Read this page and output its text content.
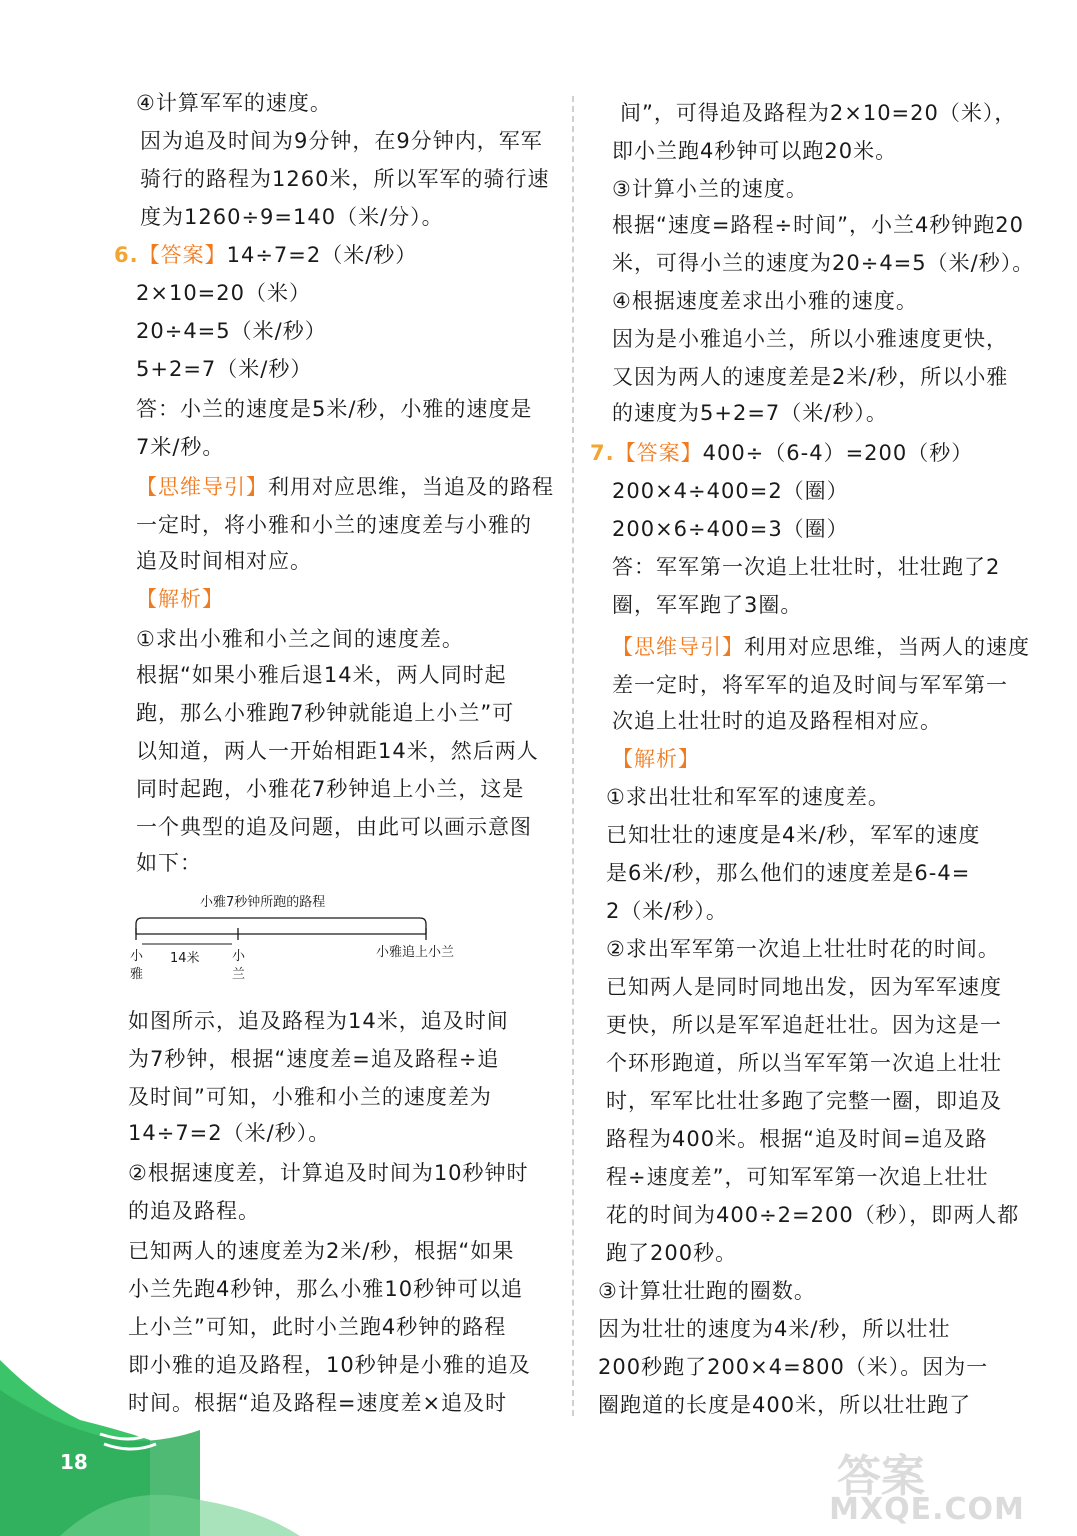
④计算军军的速度。
因为追及时间为9分钟，在9分钟内，军军
骑行的路程为1260米，所以军军的骑行速
度为1260÷9=140（米/分）。
6.【答案】14÷7=2（米/秒）
2×10=20（米）
20÷4=5（米/秒）
5+2=7（米/秒）
答：小兰的速度是5米/秒，小雅的速度是
7米/秒。
【思维导引】利用对应思维，当追及的路程
一定时，将小雅和小兰的速度差与小雅的
追及时间相对应。
【解析】
①求出小雅和小兰之间的速度差。
根据“如果小雅后退14米，两人同时起
跑，那么小雅跑7秒钟就能追上小兰”可
以知道，两人一开始相距14米，然后两人
同时起跑，小雅花7秒钟追上小兰，这是
一个典型的追及问题，由此可以画示意图
如下：
如图所示，追及路程为14米，追及时间
为7秒钟，根据“速度差=追及路程÷追
及时间”可知，小雅和小兰的速度差为
14÷7=2（米/秒）。
②根据速度差，计算追及时间为10秒钟时
的追及路程。
已知两人的速度差为2米/秒，根据“如果
小兰先跑4秒钟，那么小雅10秒钟可以追
上小兰”可知，此时小兰跑4秒钟的路程
即小雅的追及路程，10秒钟是小雅的追及
时间。根据“追及路程=速度差×追及时
间”，可得追及路程为2×10=20（米），
即小兰跑4秒钟可以跑20米。
③计算小兰的速度。
根据“速度=路程÷时间”，小兰4秒钟跑20
米，可得小兰的速度为20÷4=5（米/秒）。
④根据速度差求出小雅的速度。
因为是小雅追小兰，所以小雅速度更快，
又因为两人的速度差是2米/秒，所以小雅
的速度为5+2=7（米/秒）。
7.【答案】400÷（6-4）=200（秒）
200×4÷400=2（圈）
200×6÷400=3（圈）
答：军军第一次追上壮壮时，壮壮跑了2
圈，军军跑了3圈。
【思维导引】利用对应思维，当两人的速度
差一定时，将军军的追及时间与军军第一
次追上壮壮时的追及路程相对应。
【解析】
①求出壮壮和军军的速度差。
已知壮壮的速度是4米/秒，军军的速度
是6米/秒，那么他们的速度差是6-4=
2（米/秒）。
②求出军军第一次追上壮壮时花的时间。
已知两人是同时同地出发，因为军军速度
更快，所以是军军追赶壮壮。因为这是一
个环形跑道，所以当军军第一次追上壮壮
时，军军比壮壮多跑了完整一圈，即追及
路程为400米。根据“追及时间=追及路
程÷速度差”，可知军军第一次追上壮壮
花的时间为400÷2=200（秒），即两人都
跑了200秒。
③计算壮壮跑的圈数。
因为壮壮的速度为4米/秒，所以壮壮
200秒跑了200×4=800（米）。因为一
圈跑道的长度是400米，所以壮壮跑了
小雅7秒钟所跑的路程
小
雅
14米 小
兰
小雅追上小兰
18	答案
MXQE.COM
